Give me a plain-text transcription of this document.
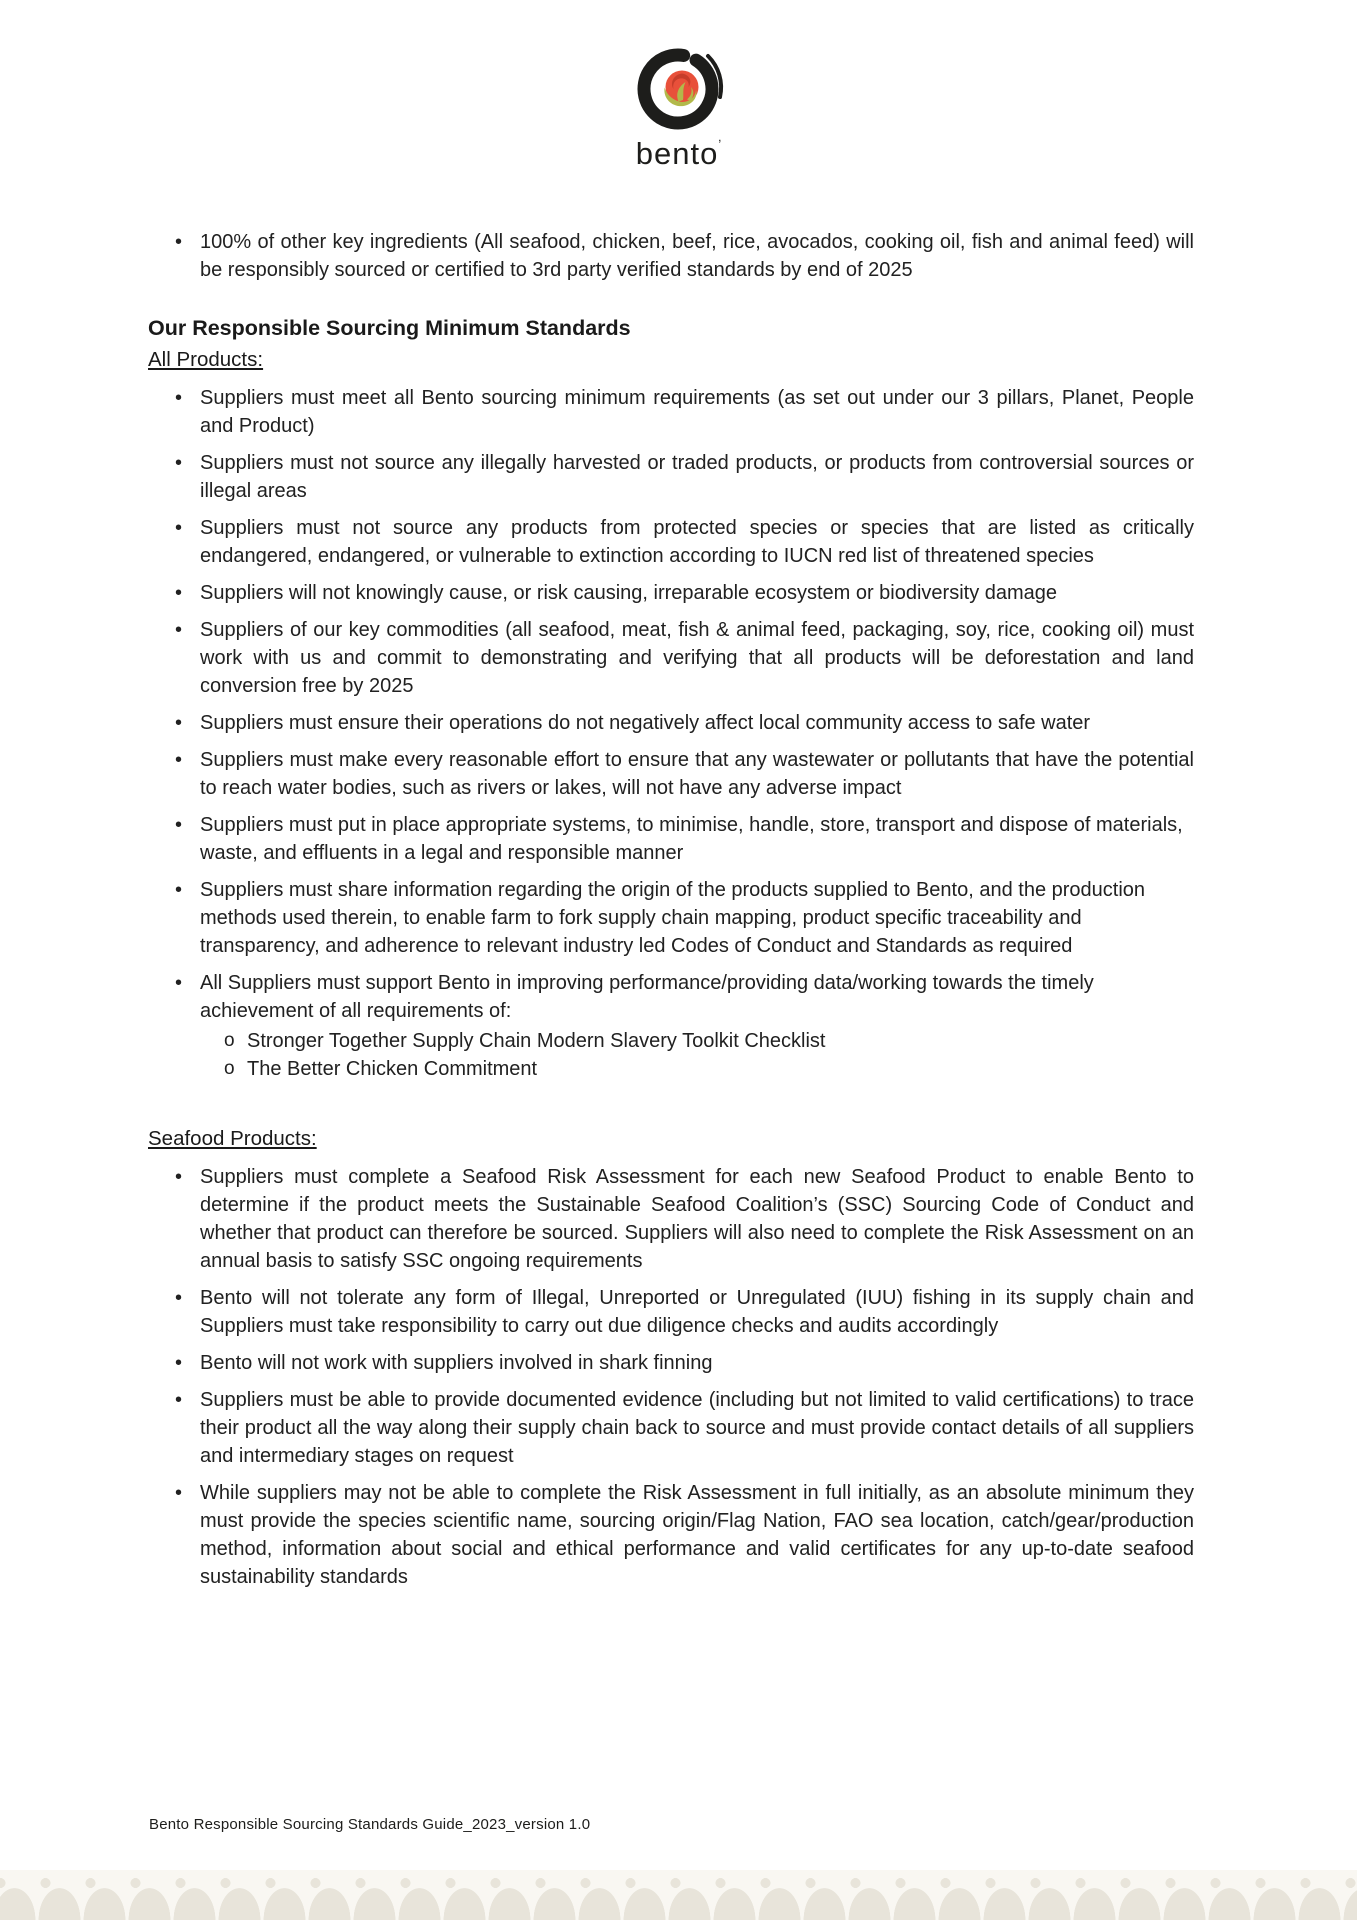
bento$^ʼ$
• 100% of other key ingredients (All seafood, chicken, beef, rice, avocados, cooking oil, fish and animal feed) will be responsibly sourced or certified to 3rd party verified standards by end of 2025
Our Responsible Sourcing Minimum Standards
All Products:
• Suppliers must meet all Bento sourcing minimum requirements (as set out under our 3 pillars, Planet, People and Product)
• Suppliers must not source any illegally harvested or traded products, or products from controversial sources or illegal areas
• Suppliers must not source any products from protected species or species that are listed as critically endangered, endangered, or vulnerable to extinction according to IUCN red list of threatened species
• Suppliers will not knowingly cause, or risk causing, irreparable ecosystem or biodiversity damage
• Suppliers of our key commodities (all seafood, meat, fish & animal feed, packaging, soy, rice, cooking oil) must work with us and commit to demonstrating and verifying that all products will be deforestation and land conversion free by 2025
• Suppliers must ensure their operations do not negatively affect local community access to safe water
• Suppliers must make every reasonable effort to ensure that any wastewater or pollutants that have the potential to reach water bodies, such as rivers or lakes, will not have any adverse impact
• Suppliers must put in place appropriate systems, to minimise, handle, store, transport and dispose of materials, waste, and effluents in a legal and responsible manner
• Suppliers must share information regarding the origin of the products supplied to Bento, and the production methods used therein, to enable farm to fork supply chain mapping, product specific traceability and transparency, and adherence to relevant industry led Codes of Conduct and Standards as required
• All Suppliers must support Bento in improving performance/providing data/working towards the timely achievement of all requirements of:
o Stronger Together Supply Chain Modern Slavery Toolkit Checklist
o The Better Chicken Commitment
Seafood Products:
• Suppliers must complete a Seafood Risk Assessment for each new Seafood Product to enable Bento to determine if the product meets the Sustainable Seafood Coalition’s (SSC) Sourcing Code of Conduct and whether that product can therefore be sourced. Suppliers will also need to complete the Risk Assessment on an annual basis to satisfy SSC ongoing requirements
• Bento will not tolerate any form of Illegal, Unreported or Unregulated (IUU) fishing in its supply chain and Suppliers must take responsibility to carry out due diligence checks and audits accordingly
• Bento will not work with suppliers involved in shark finning
• Suppliers must be able to provide documented evidence (including but not limited to valid certifications) to trace their product all the way along their supply chain back to source and must provide contact details of all suppliers and intermediary stages on request
• While suppliers may not be able to complete the Risk Assessment in full initially, as an absolute minimum they must provide the species scientific name, sourcing origin/Flag Nation, FAO sea location, catch/gear/production method, information about social and ethical performance and valid certificates for any up-to-date seafood sustainability standards
Bento Responsible Sourcing Standards Guide_2023_version 1.0
